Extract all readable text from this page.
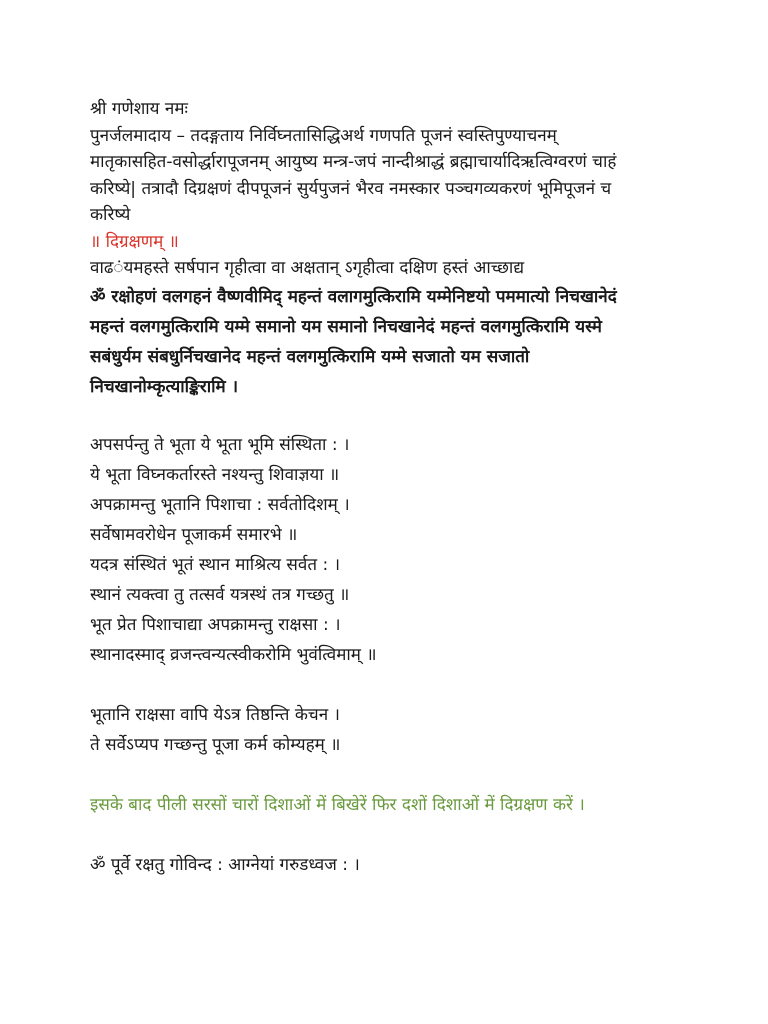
श्री गणेशाय नमः
पुनर्जलमादाय – तदङ्गताय निर्विघ्नतासिद्धिअर्थ गणपति पूजनं स्वस्तिपुण्याचनम्
मातृकासहित-वसोर्द्धारापूजनम् आयुष्य मन्त्र-जपं नान्दीश्राद्धं ब्रह्माचार्यादिऋत्विग्वरणं चाहं
करिष्ये| तत्रादौ दिग्रक्षणं दीपपूजनं सुर्यपुजनं भैरव नमस्कार पञ्चगव्यकरणं भूमिपूजनं च
करिष्ये
॥ दिग्रक्षणम् ॥
वाढ◌ंयमहस्ते सर्षपान गृहीत्वा वा अक्षतान् ऽगृहीत्वा दक्षिण हस्तं आच्छाद्य
ॐ रक्षोहणं वलगहनं वैष्णवीमिद् महन्तं वलागमुत्किरामि यम्मेनिष्टयो पममात्यो निचखानेदं
महन्तं वलगमुत्किरामि यम्मे समानो यम समानो निचखानेदं महन्तं वलगमुत्किरामि यस्मे
सबंधुर्यम संबधुर्निचखानेद महन्तं वलगमुत्किरामि यम्मे सजातो यम सजातो
निचखानोम्कृत्याङ्किरामि ।
अपसर्पन्तु ते भूता ये भूता भूमि संस्थिता : ।
ये भूता विघ्नकर्तारस्ते नश्यन्तु शिवाज्ञया ॥
अपक्रामन्तु भूतानि पिशाचा : सर्वतोदिशम् ।
सर्वेषामवरोधेन पूजाकर्म समारभे ॥
यदत्र संस्थितं भूतं स्थान माश्रित्य सर्वत : ।
स्थानं त्यक्त्वा तु तत्सर्व यत्रस्थं तत्र गच्छतु ॥
भूत प्रेत पिशाचाद्या अपक्रामन्तु राक्षसा : ।
स्थानादस्माद् व्रजन्त्वन्यत्स्वीकरोमि भुवंत्विमाम् ॥
भूतानि राक्षसा वापि येऽत्र तिष्ठन्ति केचन ।
ते सर्वेऽप्यप गच्छन्तु पूजा कर्म कोम्यहम् ॥
इसके बाद पीली सरसों चारों दिशाओं में बिखेरें फिर दशों दिशाओं में दिग्रक्षण करें ।
ॐ पूर्वे रक्षतु गोविन्द : आग्नेयां गरुडध्वज : ।
